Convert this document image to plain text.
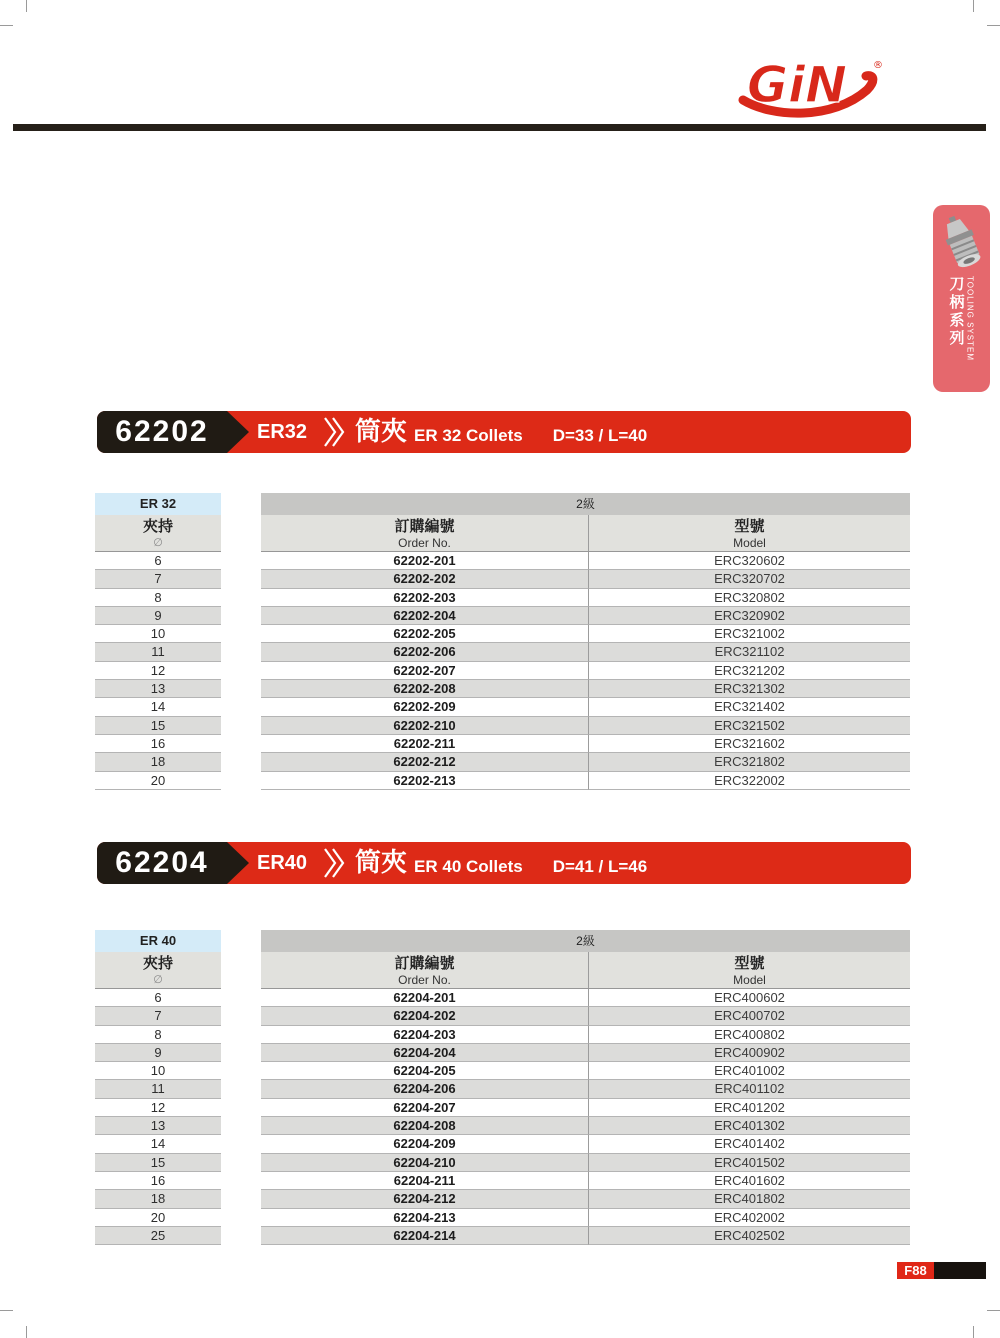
GiN	®
刀柄系列 TOOLING SYSTEM
62202	ER32 筒夾 ER 32 Collets D=33 / L=40
ER 32	2級
夾持
∅
訂購編號
Order No.
型號
Model
6	62202-201	ERC320602
7	62202-202	ERC320702
8	62202-203	ERC320802
9	62202-204	ERC320902
10	62202-205	ERC321002
11	62202-206	ERC321102
12	62202-207	ERC321202
13	62202-208	ERC321302
14	62202-209	ERC321402
15	62202-210	ERC321502
16	62202-211	ERC321602
18	62202-212	ERC321802
20	62202-213	ERC322002
62204	ER40 筒夾 ER 40 Collets D=41 / L=46
ER 40	2級
夾持
∅
訂購編號
Order No.
型號
Model
6	62204-201	ERC400602
7	62204-202	ERC400702
8	62204-203	ERC400802
9	62204-204	ERC400902
10	62204-205	ERC401002
11	62204-206	ERC401102
12	62204-207	ERC401202
13	62204-208	ERC401302
14	62204-209	ERC401402
15	62204-210	ERC401502
16	62204-211	ERC401602
18	62204-212	ERC401802
20	62204-213	ERC402002
25	62204-214	ERC402502
F88
